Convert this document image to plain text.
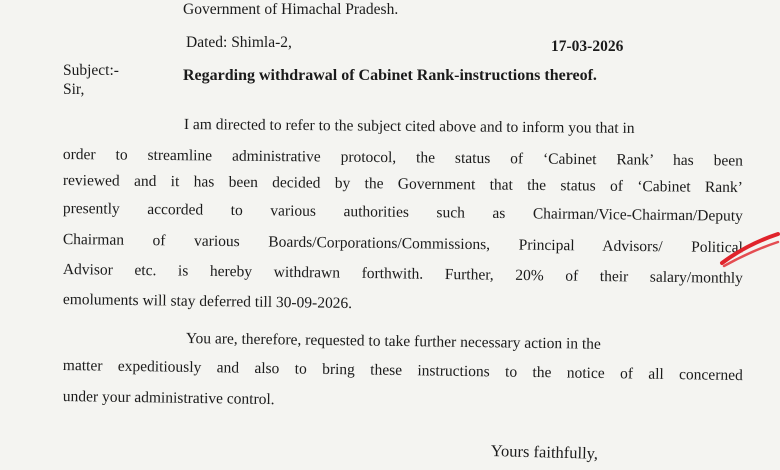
Government of Himachal Pradesh.
Dated: Shimla-2,	17-03-2026
Subject:-	Regarding withdrawal of Cabinet Rank-instructions thereof.
Sir,
I am directed to refer to the subject cited above and to inform you that in
order to streamline administrative protocol, the status of ‘Cabinet Rank’ has been
reviewed and it has been decided by the Government that the status of ‘Cabinet Rank’
presently accorded to various authorities such as Chairman/Vice-Chairman/Deputy
Chairman of various Boards/Corporations/Commissions, Principal Advisors/ Political
Advisor etc. is hereby withdrawn forthwith. Further, 20% of their salary/monthly
emoluments will stay deferred till 30-09-2026.
You are, therefore, requested to take further necessary action in the
matter expeditiously and also to bring these instructions to the notice of all concerned
under your administrative control.
Yours faithfully,
